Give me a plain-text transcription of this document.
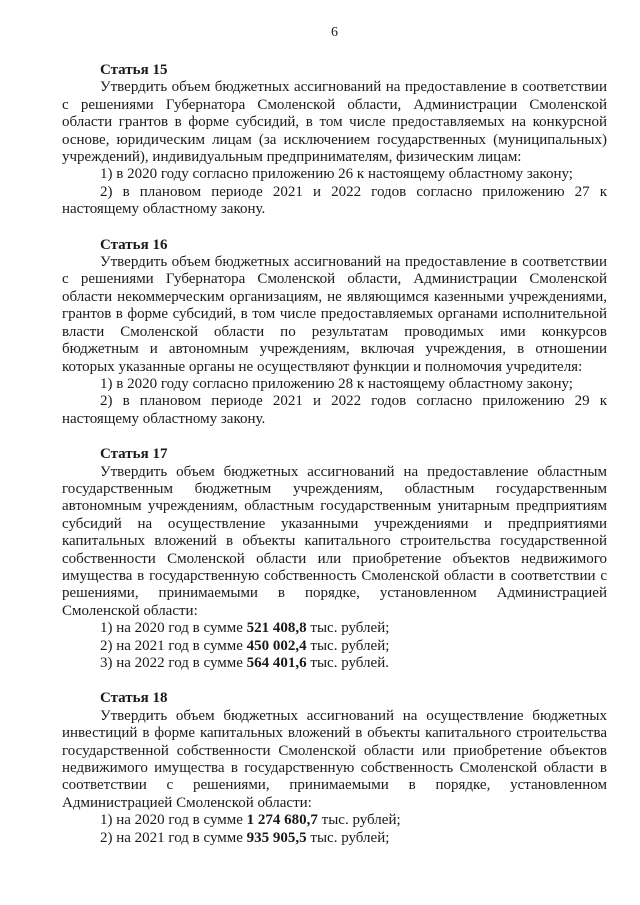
6
Статья 15
Утвердить объем бюджетных ассигнований на предоставление в соответствии
с решениями Губернатора Смоленской области, Администрации Смоленской
области грантов в форме субсидий, в том числе предоставляемых на конкурсной
основе, юридическим лицам (за исключением государственных (муниципальных)
учреждений), индивидуальным предпринимателям, физическим лицам:
1) в 2020 году согласно приложению 26 к настоящему областному закону;
2) в плановом периоде 2021 и 2022 годов согласно приложению 27 к
настоящему областному закону.
Статья 16
Утвердить объем бюджетных ассигнований на предоставление в соответствии
с решениями Губернатора Смоленской области, Администрации Смоленской
области некоммерческим организациям, не являющимся казенными учреждениями,
грантов в форме субсидий, в том числе предоставляемых органами исполнительной
власти Смоленской области по результатам проводимых ими конкурсов
бюджетным и автономным учреждениям, включая учреждения, в отношении
которых указанные органы не осуществляют функции и полномочия учредителя:
1) в 2020 году согласно приложению 28 к настоящему областному закону;
2) в плановом периоде 2021 и 2022 годов согласно приложению 29 к
настоящему областному закону.
Статья 17
Утвердить объем бюджетных ассигнований на предоставление областным
государственным бюджетным учреждениям, областным государственным
автономным учреждениям, областным государственным унитарным предприятиям
субсидий на осуществление указанными учреждениями и предприятиями
капитальных вложений в объекты капитального строительства государственной
собственности Смоленской области или приобретение объектов недвижимого
имущества в государственную собственность Смоленской области в соответствии с
решениями, принимаемыми в порядке, установленном Администрацией
Смоленской области:
1) на 2020 год в сумме 521 408,8 тыс. рублей;
2) на 2021 год в сумме 450 002,4 тыс. рублей;
3) на 2022 год в сумме 564 401,6 тыс. рублей.
Статья 18
Утвердить объем бюджетных ассигнований на осуществление бюджетных
инвестиций в форме капитальных вложений в объекты капитального строительства
государственной собственности Смоленской области или приобретение объектов
недвижимого имущества в государственную собственность Смоленской области в
соответствии с решениями, принимаемыми в порядке, установленном
Администрацией Смоленской области:
1) на 2020 год в сумме 1 274 680,7 тыс. рублей;
2) на 2021 год в сумме 935 905,5 тыс. рублей;
